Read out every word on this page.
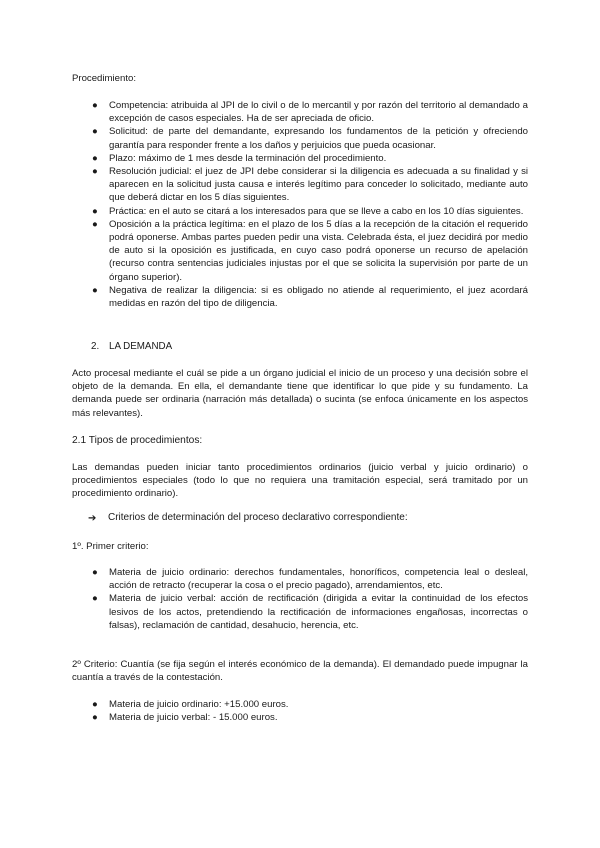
Procedimiento:

●	Competencia: atribuida al JPI de lo civil o de lo mercantil y por razón del territorio al demandado a excepción de casos especiales. Ha de ser apreciada de oficio.
●	Solicitud: de parte del demandante, expresando los fundamentos de la petición y ofreciendo garantía para responder frente a los daños y perjuicios que pueda ocasionar.
●	Plazo: máximo de 1 mes desde la terminación del procedimiento.
●	Resolución judicial: el juez de JPI debe considerar si la diligencia es adecuada a su finalidad y si aparecen en la solicitud justa causa e interés legítimo para conceder lo solicitado, mediante auto que deberá dictar en los 5 días siguientes.
●	Práctica: en el auto se citará a los interesados para que se lleve a cabo en los 10 días siguientes.
●	Oposición a la práctica legítima: en el plazo de los 5 días a la recepción de la citación el requerido podrá oponerse. Ambas partes pueden pedir una vista. Celebrada ésta, el juez decidirá por medio de auto si la oposición es justificada, en cuyo caso podrá oponerse un recurso de apelación (recurso contra sentencias judiciales injustas por el que se solicita la supervisión por parte de un órgano superior).
●	Negativa de realizar la diligencia: si es obligado no atiende al requerimiento, el juez acordará medidas en razón del tipo de diligencia.
2. LA DEMANDA

Acto procesal mediante el cuál se pide a un órgano judicial el inicio de un proceso y una decisión sobre el objeto de la demanda. En ella, el demandante tiene que identificar lo que pide y su fundamento. La demanda puede ser ordinaria (narración más detallada) o sucinta (se enfoca únicamente en los aspectos más relevantes).

2.1 Tipos de procedimientos:

Las demandas pueden iniciar tanto procedimientos ordinarios (juicio verbal y juicio ordinario) o procedimientos especiales (todo lo que no requiera una tramitación especial, será tramitado por un procedimiento ordinario).

➔ Criterios de determinación del proceso declarativo correspondiente:

1º. Primer criterio:

●	Materia de juicio ordinario: derechos fundamentales, honoríficos, competencia leal o desleal, acción de retracto (recuperar la cosa o el precio pagado), arrendamientos, etc.
●	Materia de juicio verbal: acción de rectificación (dirigida a evitar la continuidad de los efectos lesivos de los actos, pretendiendo la rectificación de informaciones engañosas, incorrectas o falsas), reclamación de cantidad, desahucio, herencia, etc.

2º Criterio: Cuantía (se fija según el interés económico de la demanda). El demandado puede impugnar la cuantía a través de la contestación.

●	Materia de juicio ordinario: +15.000 euros.
●	Materia de juicio verbal: - 15.000 euros.
